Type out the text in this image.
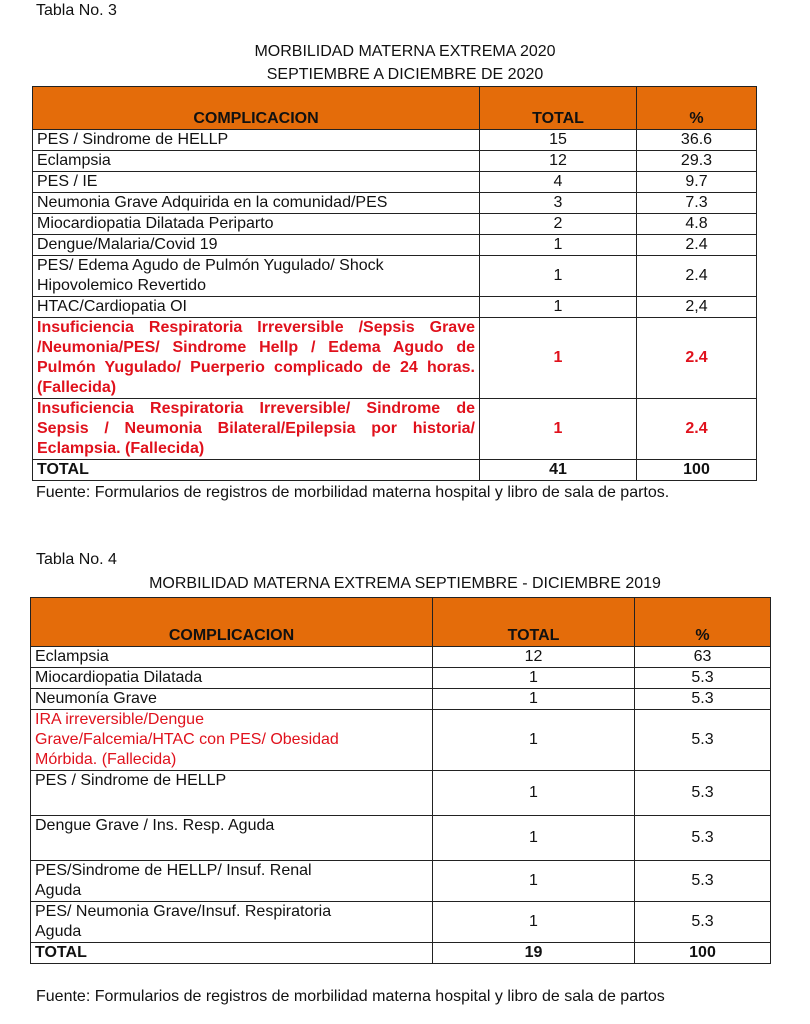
Tabla No. 3
MORBILIDAD MATERNA EXTREMA 2020
SEPTIEMBRE A DICIEMBRE DE 2020
COMPLICACION	TOTAL	%
PES / Sindrome de HELLP	15	36.6
Eclampsia	12	29.3
PES / IE	4	9.7
Neumonia Grave Adquirida en la comunidad/PES	3	7.3
Miocardiopatia Dilatada Periparto	2	4.8
Dengue/Malaria/Covid 19	1	2.4

PES/ Edema Agudo de Pulmón Yugulado/ Shock
Hipovolemico Revertido	1	2.4
HTAC/Cardiopatia OI	1	2,4
Insuficiencia Respiratoria Irreversible /Sepsis Grave /Neumonia/PES/ Sindrome Hellp / Edema Agudo de Pulmón Yugulado/ Puerperio complicado de 24 horas. (Fallecida)	1	2.4
Insuficiencia Respiratoria Irreversible/ Sindrome de Sepsis / Neumonia Bilateral/Epilepsia por historia/ Eclampsia. (Fallecida)	1	2.4
TOTAL	41	100
Fuente: Formularios de registros de morbilidad materna hospital y libro de sala de partos.
Tabla No. 4
MORBILIDAD MATERNA EXTREMA SEPTIEMBRE - DICIEMBRE 2019
COMPLICACION	TOTAL	%
Eclampsia	12	63
Miocardiopatia Dilatada	1	5.3
Neumonía Grave	1	5.3

IRA irreversible/Dengue
Grave/Falcemia/HTAC con PES/ Obesidad
Mórbida. (Fallecida)	1	5.3
PES / Sindrome de HELLP	1	5.3
Dengue Grave / Ins. Resp. Aguda	1	5.3

PES/Sindrome de HELLP/ Insuf. Renal
Aguda	1	5.3

PES/ Neumonia Grave/Insuf. Respiratoria
Aguda	1	5.3
TOTAL	19	100
Fuente: Formularios de registros de morbilidad materna hospital y libro de sala de partos
